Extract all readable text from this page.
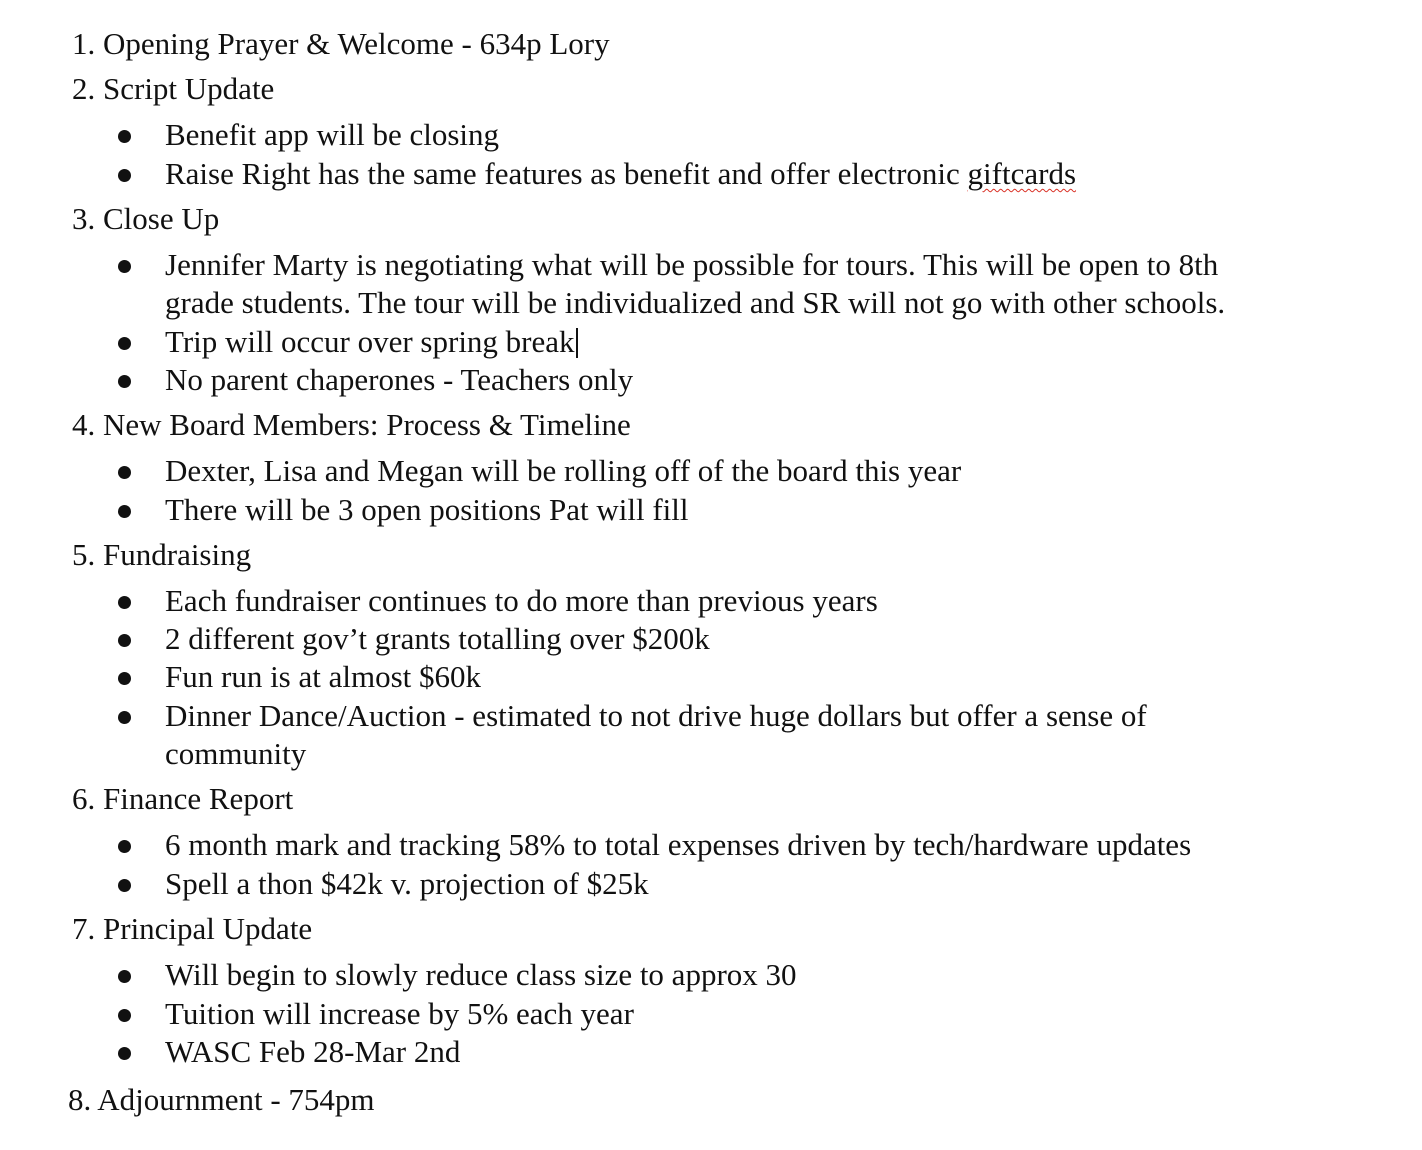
1. Opening Prayer & Welcome - 634p Lory
2. Script Update
Benefit app will be closing
Raise Right has the same features as benefit and offer electronic giftcards
3. Close Up
Jennifer Marty is negotiating what will be possible for tours. This will be open to 8th
grade students. The tour will be individualized and SR will not go with other schools.
Trip will occur over spring break
No parent chaperones - Teachers only
4. New Board Members: Process & Timeline
Dexter, Lisa and Megan will be rolling off of the board this year
There will be 3 open positions Pat will fill
5. Fundraising
Each fundraiser continues to do more than previous years
2 different gov’t grants totalling over $200k
Fun run is at almost $60k
Dinner Dance/Auction - estimated to not drive huge dollars but offer a sense of
community
6. Finance Report
6 month mark and tracking 58% to total expenses driven by tech/hardware updates
Spell a thon $42k v. projection of $25k
7. Principal Update
Will begin to slowly reduce class size to approx 30
Tuition will increase by 5% each year
WASC Feb 28-Mar 2nd
8. Adjournment - 754pm
